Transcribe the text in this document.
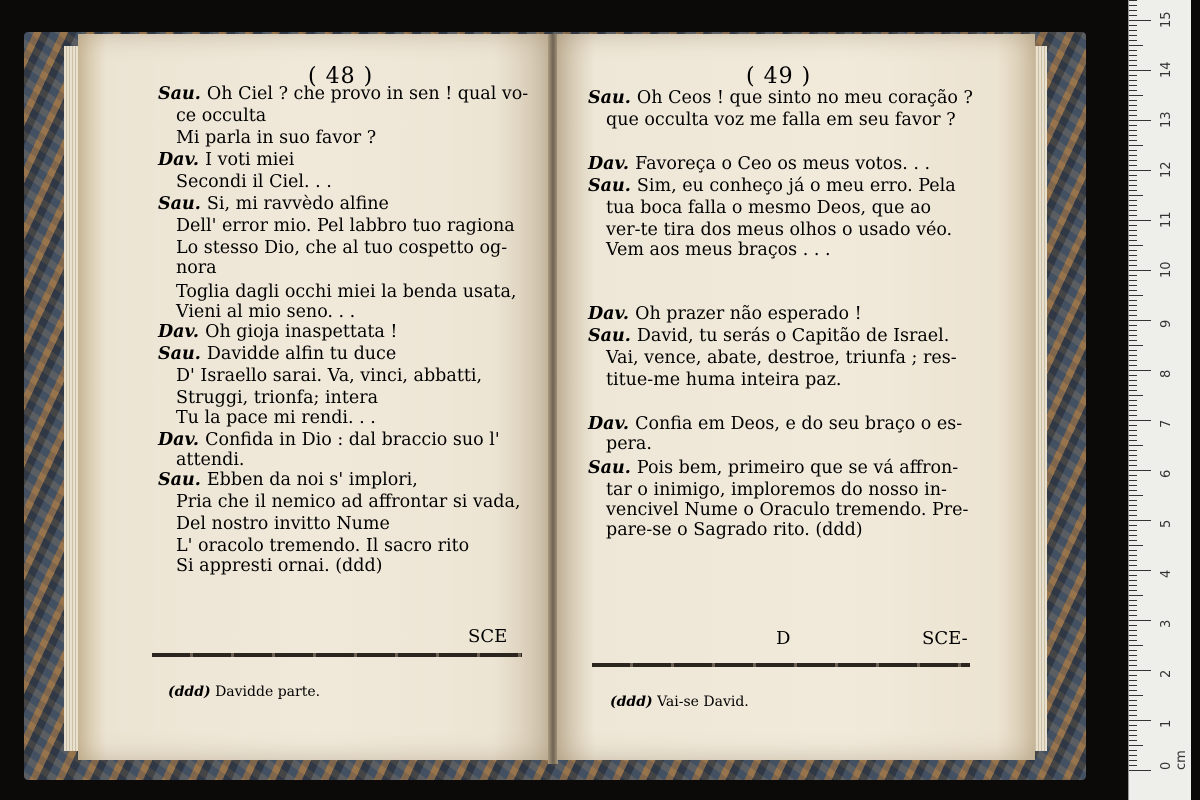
( 48 )
Sau. Oh Ciel ? che provo in sen ! qual vo-
ce occulta
Mi parla in suo favor ?
Dav. I voti miei
Secondi il Ciel. . .
Sau. Si, mi ravvèdo alfine
Dell' error mio. Pel labbro tuo ragiona
Lo stesso Dio, che al tuo cospetto og-
nora
Toglia dagli occhi miei la benda usata,
Vieni al mio seno. . .
Dav. Oh gioja inaspettata !
Sau. Davidde alfin tu duce
D' Israello sarai. Va, vinci, abbatti,
Struggi, trionfa; intera
Tu la pace mi rendi. . .
Dav. Confida in Dio : dal braccio suo l'
attendi.
Sau. Ebben da noi s' implori,
Pria che il nemico ad affrontar si vada,
Del nostro invitto Nume
L' oracolo tremendo. Il sacro rito
Si appresti ornai. (ddd)
SCE
(ddd) Davidde parte.
( 49 )
Sau. Oh Ceos ! que sinto no meu coração ?
que occulta voz me falla em seu favor ?
Dav. Favoreça o Ceo os meus votos. . .
Sau. Sim, eu conheço já o meu erro. Pela
tua boca falla o mesmo Deos, que ao
ver-te tira dos meus olhos o usado véo.
Vem aos meus braços . . .
Dav. Oh prazer não esperado !
Sau. David, tu serás o Capitão de Israel.
Vai, vence, abate, destroe, triunfa ; res-
titue-me huma inteira paz.
Dav. Confia em Deos, e do seu braço o es-
pera.
Sau. Pois bem, primeiro que se vá affron-
tar o inimigo, imploremos do nosso in-
vencivel Nume o Oraculo tremendo. Pre-
pare-se o Sagrado rito. (ddd)
D	SCE-
(ddd) Vai-se David.
0 cm
1
2
3
4
5
6
7
8
9
10
11
12
13
14
15
